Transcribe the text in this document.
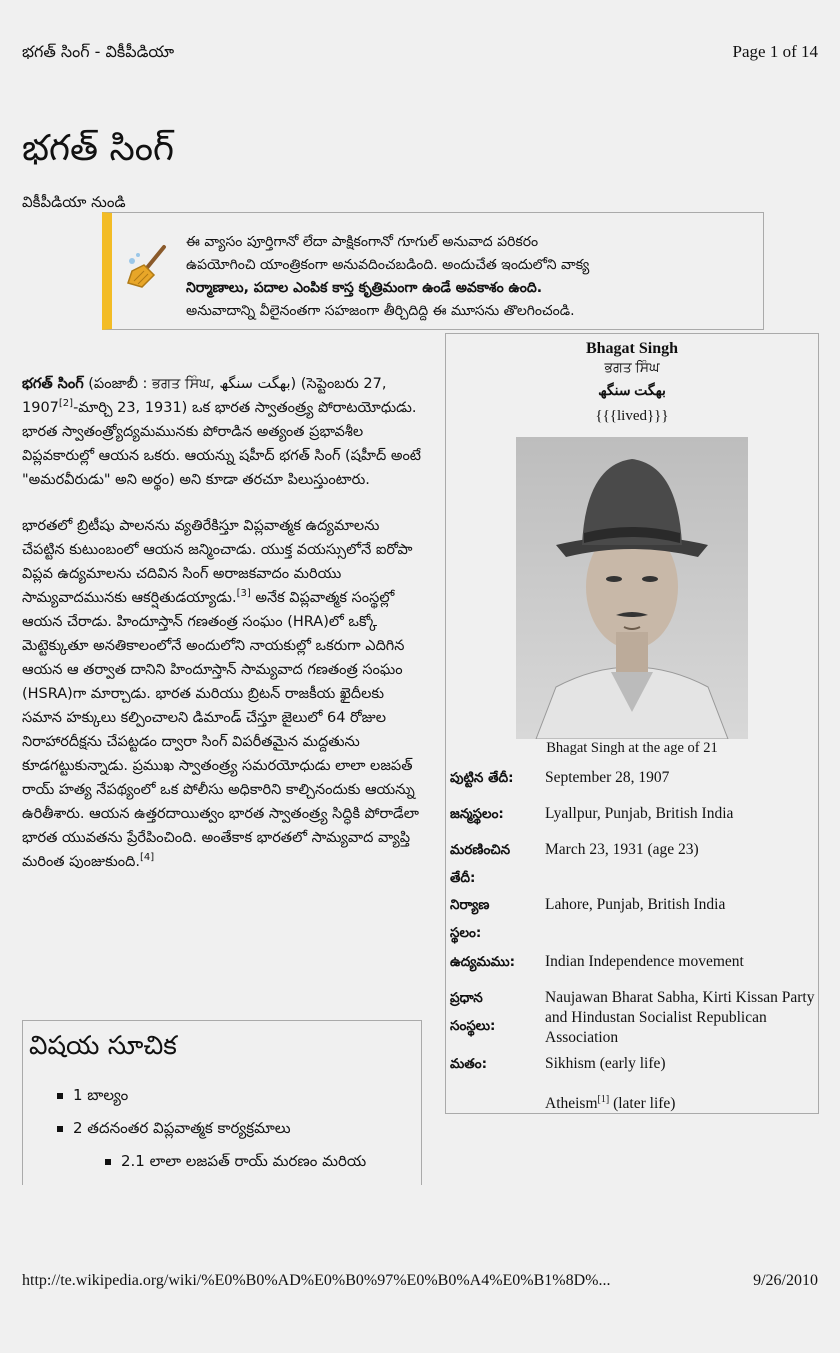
భగత్ సింగ్ - వికీపీడియా	Page 1 of 14
భగత్ సింగ్
వికీపీడియా నుండి
ఈ వ్యాసం పూర్తిగానో లేదా పాక్షికంగానో గూగుల్ అనువాద పరికరం
ఉపయోగించి యాంత్రికంగా అనువదించబడింది. అందుచేత ఇందులోని వాక్య
నిర్మాణాలు, పదాల ఎంపిక కాస్త కృత్రిమంగా ఉండే అవకాశం ఉంది.
అనువాదాన్ని వీలైనంతగా సహజంగా తీర్చిదిద్ది ఈ మూసను తొలగించండి.

భగత్ సింగ్ (పంజాబీ : ਭਗਤ ਸਿੰਘ, بھگت سنگھ) (సెప్టెంబరు 27, 1907[2]-మార్చి 23, 1931) ఒక భారత స్వాతంత్ర్య పోరాటయోధుడు. భారత స్వాతంత్ర్యోద్యమమునకు పోరాడిన అత్యంత ప్రభావశీల విప్లవకారుల్లో ఆయన ఒకరు. ఆయన్ను షహీద్ భగత్ సింగ్ (షహీద్ అంటే "అమరవీరుడు" అని అర్థం) అని కూడా తరచూ పిలుస్తుంటారు.

భారతలో బ్రిటీషు పాలనను వ్యతిరేకిస్తూ విప్లవాత్మక ఉద్యమాలను చేపట్టిన కుటుంబంలో ఆయన జన్మించాడు. యుక్త వయస్సులోనే ఐరోపా విప్లవ ఉద్యమాలను చదివిన సింగ్ అరాజకవాదం మరియు సామ్యవాదమునకు ఆకర్షితుడయ్యాడు.[3] అనేక విప్లవాత్మక సంస్థల్లో ఆయన చేరాడు. హిందూస్తాన్ గణతంత్ర సంఘం (HRA)లో ఒక్కో మెట్టెక్కుతూ అనతికాలంలోనే అందులోని నాయకుల్లో ఒకరుగా ఎదిగిన ఆయన ఆ తర్వాత దానిని హిందూస్తాన్ సామ్యవాద గణతంత్ర సంఘం (HSRA)గా మార్చాడు. భారత మరియు బ్రిటన్ రాజకీయ ఖైదీలకు సమాన హక్కులు కల్పించాలని డిమాండ్ చేస్తూ జైలులో 64 రోజుల నిరాహారదీక్షను చేపట్టడం ద్వారా సింగ్ విపరీతమైన మద్దతును కూడగట్టుకున్నాడు. ప్రముఖ స్వాతంత్ర్య సమరయోధుడు లాలా లజపత్ రాయ్ హత్య నేపథ్యంలో ఒక పోలీసు అధికారిని కాల్చినందుకు ఆయన్ను ఉరితీశారు. ఆయన ఉత్తరదాయిత్వం భారత స్వాతంత్ర్య సిద్ధికి పోరాడేలా భారత యువతను ప్రేరేపించింది. అంతేకాక భారతలో సామ్యవాద వ్యాప్తి మరింత పుంజుకుంది.[4]

Bhagat Singh
ਭਗਤ ਸਿੰਘ
بھگت سنگھ
{{{lived}}}
Bhagat Singh at the age of 21
పుట్టిన తేదీ:	September 28, 1907
జన్మస్థలం:	Lyallpur, Punjab, British India
మరణించిన తేదీ:
March 23, 1931 (age 23)
నిర్యాణ స్థలం:
Lahore, Punjab, British India
ఉద్యమము:	Indian Independence movement
ప్రధాన సంస్థలు:
Naujawan Bharat Sabha, Kirti Kissan Party and Hindustan Socialist Republican Association
మతం:	Sikhism (early life)
Atheism[1] (later life)
విషయ సూచిక
1 బాల్యం
2 తదనంతర విప్లవాత్మక కార్యక్రమాలు
2.1 లాలా లజపత్ రాయ్ మరణం మరియ
http://te.wikipedia.org/wiki/%E0%B0%AD%E0%B0%97%E0%B0%A4%E0%B1%8D%...	9/26/2010
